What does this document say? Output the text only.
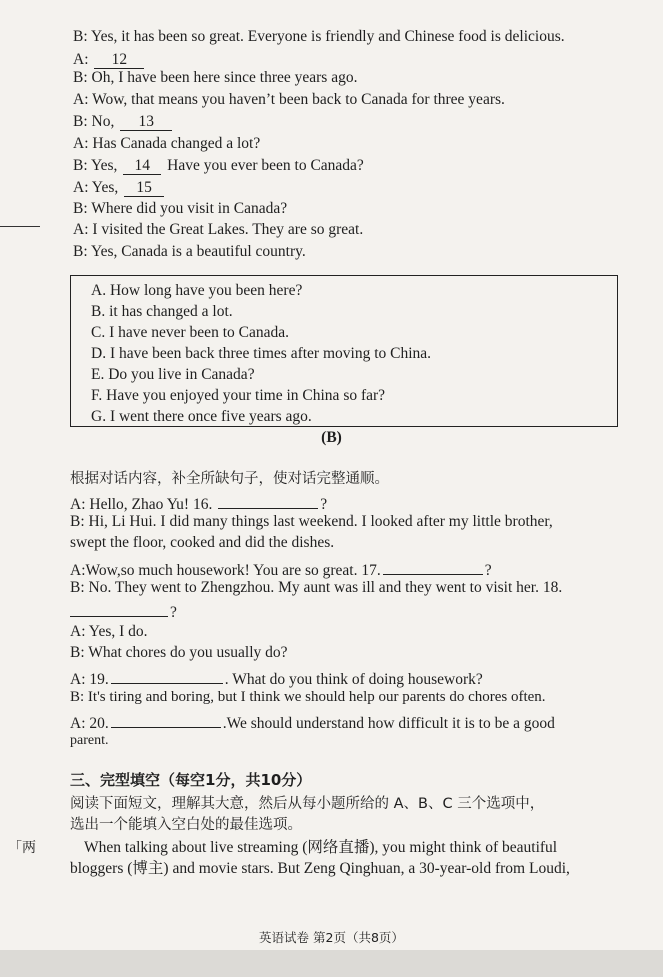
B: Yes, it has been so great. Everyone is friendly and Chinese food is delicious.
A: 12
B: Oh, I have been here since three years ago.
A: Wow, that means you haven’t been back to Canada for three years.
B: No, 13
A: Has Canada changed a lot?
B: Yes, 14 Have you ever been to Canada?
A: Yes, 15
B: Where did you visit in Canada?
A: I visited the Great Lakes. They are so great.
B: Yes, Canada is a beautiful country.
A. How long have you been here?
B. it has changed a lot.
C. I have never been to Canada.
D. I have been back three times after moving to China.
E. Do you live in Canada?
F. Have you enjoyed your time in China so far?
G. I went there once five years ago.
(B)
根据对话内容，补全所缺句子，使对话完整通顺。
A: Hello, Zhao Yu! 16.	?
B: Hi, Li Hui. I did many things last weekend. I looked after my little brother,
swept the floor, cooked and did the dishes.
A:Wow,so much housework! You are so great. 17.	?
B: No. They went to Zhengzhou. My aunt was ill and they went to visit her. 18.
?
A: Yes, I do.
B: What chores do you usually do?
A: 19.	. What do you think of doing housework?
B: It's tiring and boring, but I think we should help our parents do chores often.
A: 20.	.We should understand how difficult it is to be a good
parent.
三、完型填空（每空1分，共10分）
阅读下面短文，理解其大意，然后从每小题所给的 A、B、C 三个选项中，
选出一个能填入空白处的最佳选项。
「两	When talking about live streaming (网络直播), you might think of beautiful
bloggers (博主) and movie stars. But Zeng Qinghuan, a 30-year-old from Loudi,
英语试卷 第2页（共8页）
